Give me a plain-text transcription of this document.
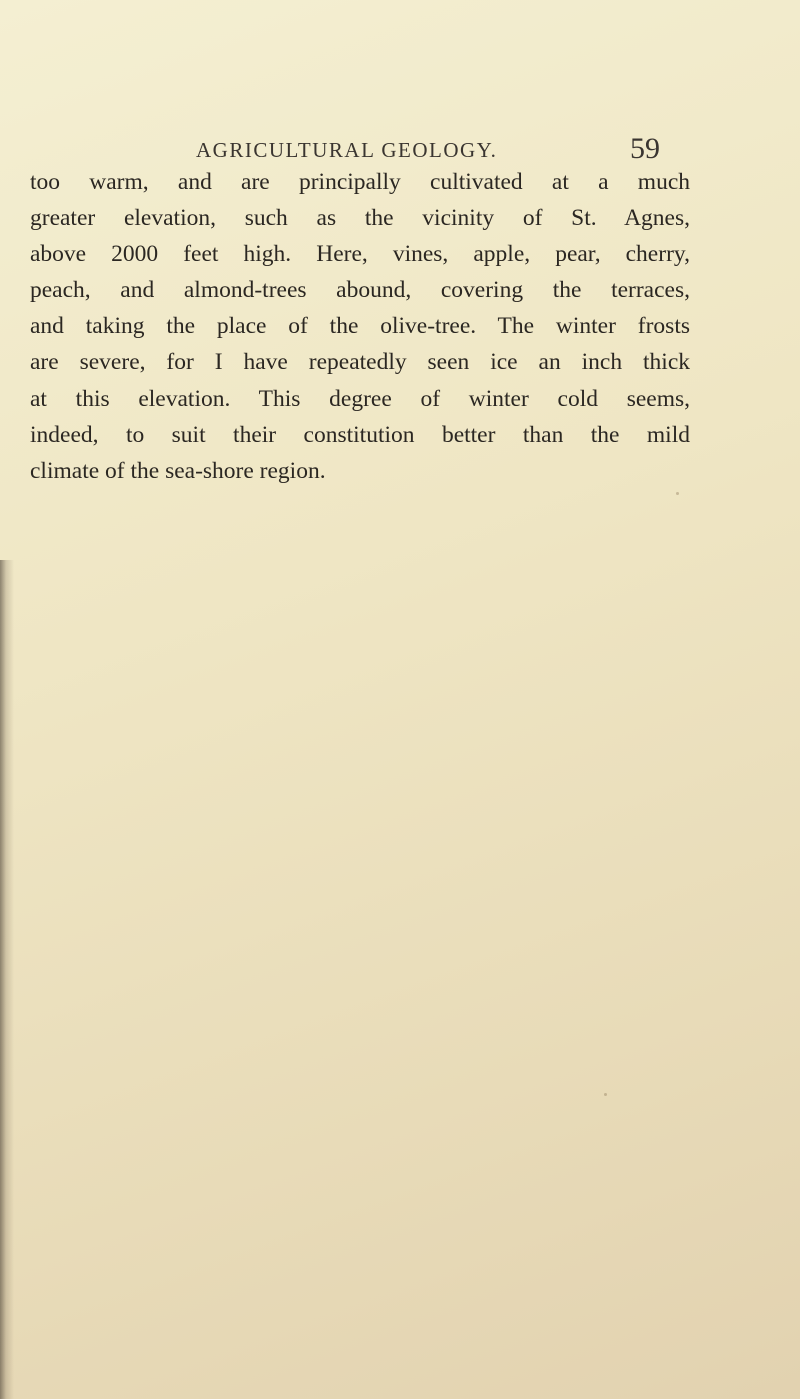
AGRICULTURAL GEOLOGY.	59
too warm, and are principally cultivated at a much
greater elevation, such as the vicinity of St. Agnes,
above 2000 feet high. Here, vines, apple, pear, cherry,
peach, and almond-trees abound, covering the terraces,
and taking the place of the olive-tree. The winter frosts
are severe, for I have repeatedly seen ice an inch thick
at this elevation. This degree of winter cold seems,
indeed, to suit their constitution better than the mild
climate of the sea-shore region.
